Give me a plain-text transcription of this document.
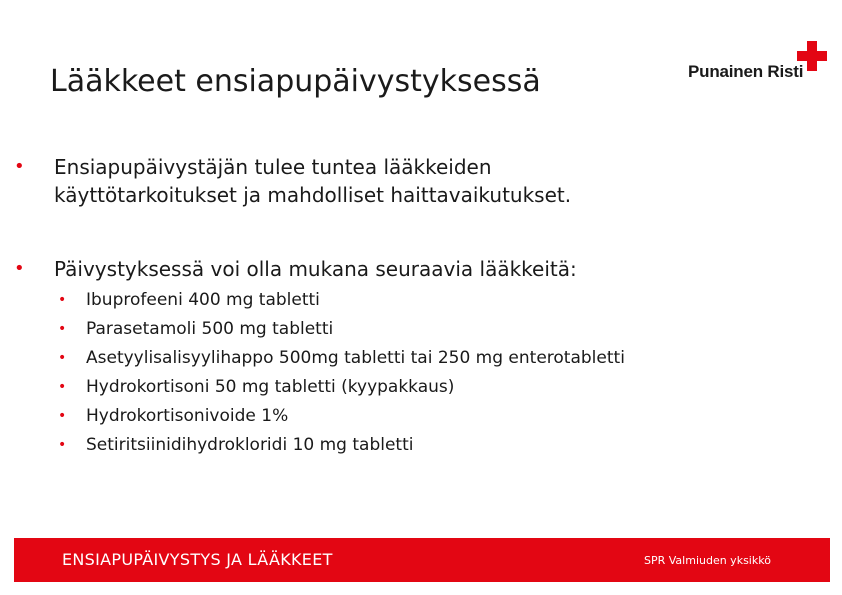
Lääkkeet ensiapupäivystyksessä	Punainen Risti
• Ensiapupäivystäjän tulee tuntea lääkkeiden
käyttötarkoitukset ja mahdolliset haittavaikutukset.
• Päivystyksessä voi olla mukana seuraavia lääkkeitä:
• Ibuprofeeni 400 mg tabletti
• Parasetamoli 500 mg tabletti
• Asetyylisalisyylihappo 500mg tabletti tai 250 mg enterotabletti
• Hydrokortisoni 50 mg tabletti (kyypakkaus)
• Hydrokortisonivoide 1%
• Setiritsiinidihydrokloridi 10 mg tabletti
ENSIAPUPÄIVYSTYS JA LÄÄKKEET	SPR Valmiuden yksikkö
